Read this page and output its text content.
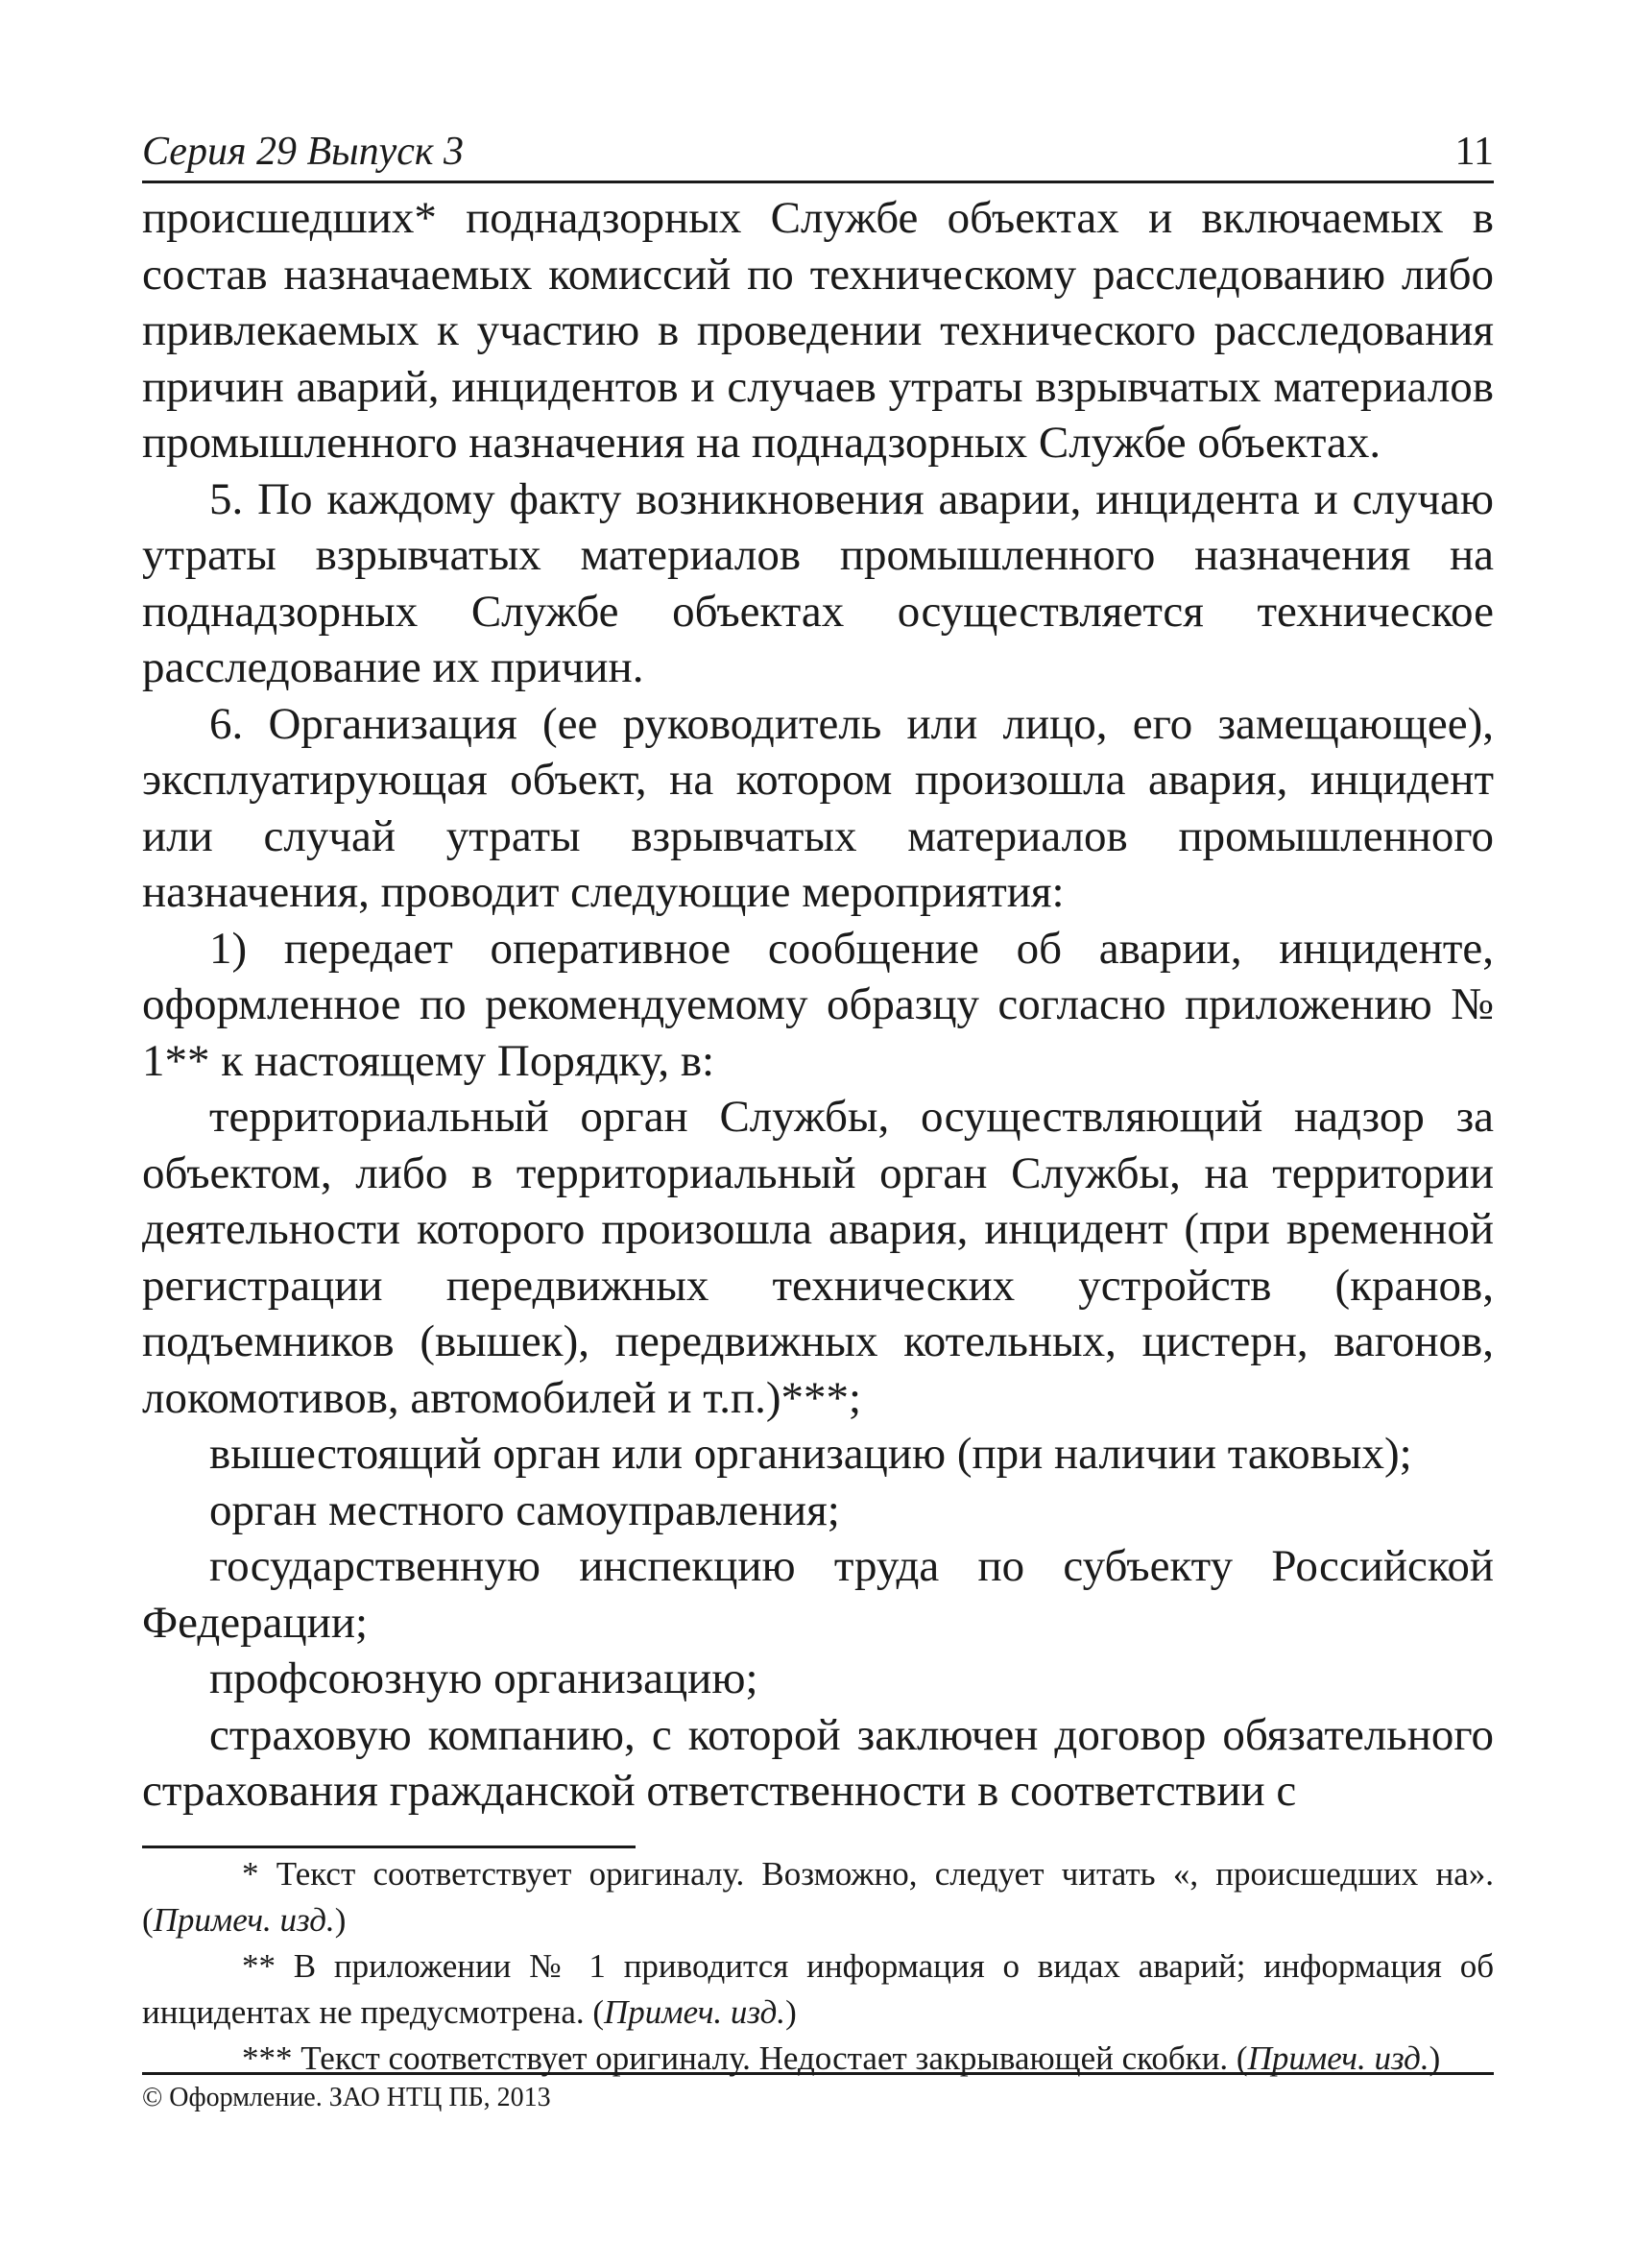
Серия 29 Выпуск 3	11

происшедших* поднадзорных Службе объектах и включаемых в состав назначаемых комиссий по техническому расследованию либо привлекаемых к участию в проведении технического расследования причин аварий, инцидентов и случаев утраты взрывчатых материалов промышленного назначения на поднадзорных Службе объектах.

5. По каждому факту возникновения аварии, инцидента и случаю утраты взрывчатых материалов промышленного назначения на поднадзорных Службе объектах осуществляется техническое расследование их причин.

6. Организация (ее руководитель или лицо, его замещающее), эксплуатирующая объект, на котором произошла авария, инцидент или случай утраты взрывчатых материалов промышленного назначения, проводит следующие мероприятия:

1) передает оперативное сообщение об аварии, инциденте, оформленное по рекомендуемому образцу согласно приложению № 1** к настоящему Порядку, в:

территориальный орган Службы, осуществляющий надзор за объектом, либо в территориальный орган Службы, на территории деятельности которого произошла авария, инцидент (при временной регистрации передвижных технических устройств (кранов, подъемников (вышек), передвижных котельных, цистерн, вагонов, локомотивов, автомобилей и т.п.)***;

вышестоящий орган или организацию (при наличии таковых);

орган местного самоуправления;

государственную инспекцию труда по субъекту Российской Федерации;

профсоюзную организацию;

страховую компанию, с которой заключен договор обязательного страхования гражданской ответственности в соответствии с

* Текст соответствует оригиналу. Возможно, следует читать «, происшедших на». (Примеч. изд.)

** В приложении № 1 приводится информация о видах аварий; информация об инцидентах не предусмотрена. (Примеч. изд.)

*** Текст соответствует оригиналу. Недостает закрывающей скобки. (Примеч. изд.)

© Оформление. ЗАО НТЦ ПБ, 2013
